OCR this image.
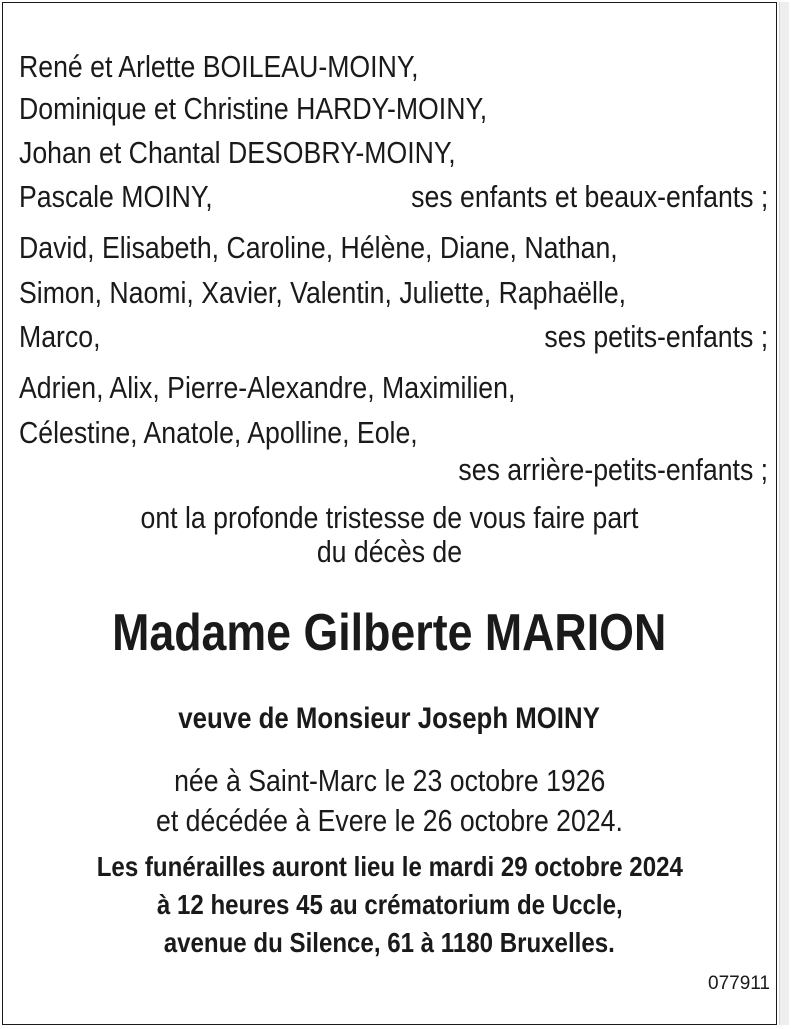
René et Arlette BOILEAU-MOINY,
Dominique et Christine HARDY-MOINY,
Johan et Chantal DESOBRY-MOINY,
Pascale MOINY,	ses enfants et beaux-enfants ;
David, Elisabeth, Caroline, Hélène, Diane, Nathan,
Simon, Naomi, Xavier, Valentin, Juliette, Raphaëlle,
Marco,	ses petits-enfants ;
Adrien, Alix, Pierre-Alexandre, Maximilien,
Célestine, Anatole, Apolline, Eole,
ses arrière-petits-enfants ;
ont la profonde tristesse de vous faire part
du décès de
Madame Gilberte MARION
veuve de Monsieur Joseph MOINY
née à Saint-Marc le 23 octobre 1926
et décédée à Evere le 26 octobre 2024.
Les funérailles auront lieu le mardi 29 octobre 2024
à 12 heures 45 au crématorium de Uccle,
avenue du Silence, 61 à 1180 Bruxelles.
077911
